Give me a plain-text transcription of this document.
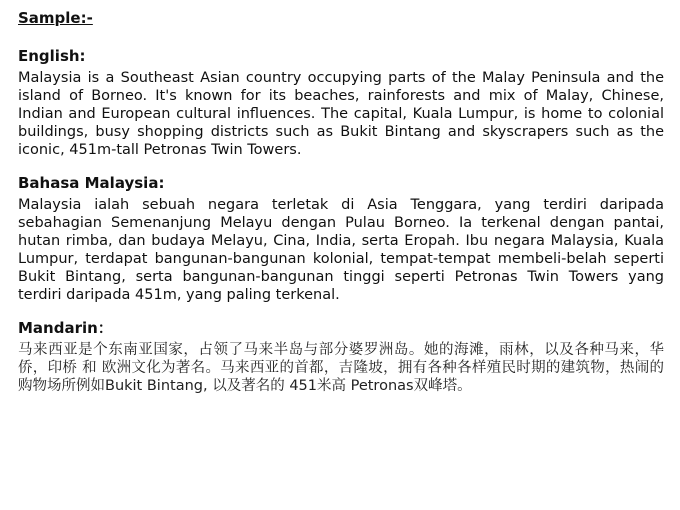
Sample:-

English:

Malaysia is a Southeast Asian country occupying parts of the Malay Peninsula and the island of Borneo. It's known for its beaches, rainforests and mix of Malay, Chinese, Indian and European cultural influences. The capital, Kuala Lumpur, is home to colonial buildings, busy shopping districts such as Bukit Bintang and skyscrapers such as the iconic, 451m-tall Petronas Twin Towers.

Bahasa Malaysia:

Malaysia ialah sebuah negara terletak di Asia Tenggara, yang terdiri daripada sebahagian Semenanjung Melayu dengan Pulau Borneo. Ia terkenal dengan pantai, hutan rimba, dan budaya Melayu, Cina, India, serta Eropah. Ibu negara Malaysia, Kuala Lumpur, terdapat bangunan-bangunan kolonial, tempat-tempat membeli-belah seperti Bukit Bintang, serta bangunan-bangunan tinggi seperti Petronas Twin Towers yang terdiri daripada 451m, yang paling terkenal.

Mandarin：

马来西亚是个东南亚国家，占领了马来半岛与部分婆罗洲岛。她的海滩，雨林，以及各种马来，华侨，印桥 和 欧洲文化为著名。马来西亚的首都，吉隆坡，拥有各种各样殖民时期的建筑物，热闹的购物场所例如Bukit Bintang, 以及著名的 451米高 Petronas双峰塔。
